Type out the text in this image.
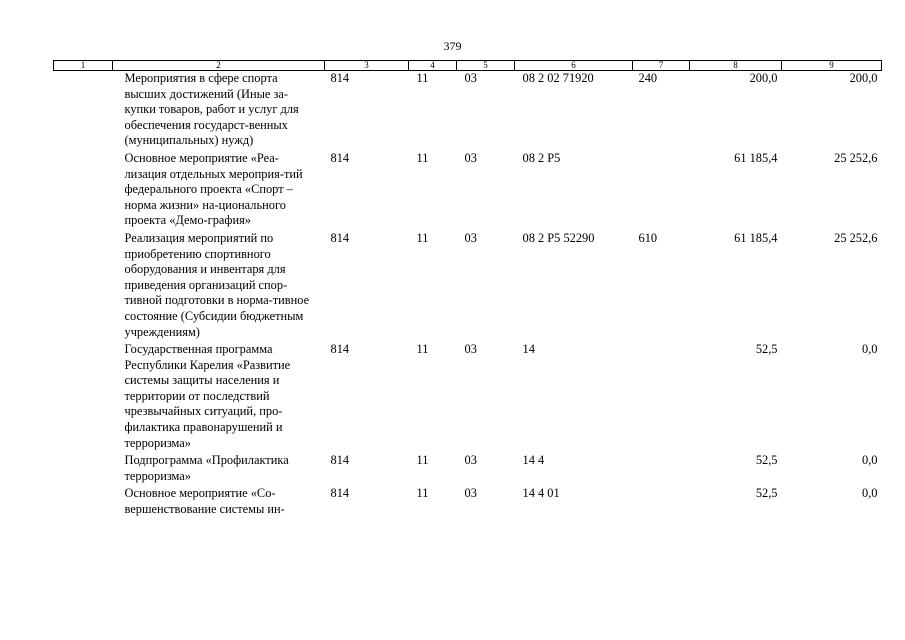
379
1	2	3	4	5	6	7	8	9
	Мероприятия в сфере спорта высших достижений (Иные за-купки товаров, работ и услуг для обеспечения государст-венных (муниципальных) нужд)	814	11	03	08 2 02 71920	240	200,0	200,0
	Основное мероприятие «Реа-лизация отдельных мероприя-тий федерального проекта «Спорт – норма жизни» на-ционального проекта «Демо-графия»	814	11	03	08 2 P5		61 185,4	25 252,6
	Реализация мероприятий по приобретению спортивного оборудования и инвентаря для приведения организаций спор-тивной подготовки в норма-тивное состояние (Субсидии бюджетным учреждениям)	814	11	03	08 2 P5 52290	610	61 185,4	25 252,6
	Государственная программа Республики Карелия «Развитие системы защиты населения и территории от последствий чрезвычайных ситуаций, про-филактика правонарушений и терроризма»	814	11	03	14		52,5	0,0
	Подпрограмма «Профилактика терроризма»	814	11	03	14 4		52,5	0,0
	Основное мероприятие «Со-вершенствование системы ин-	814	11	03	14 4 01		52,5	0,0
